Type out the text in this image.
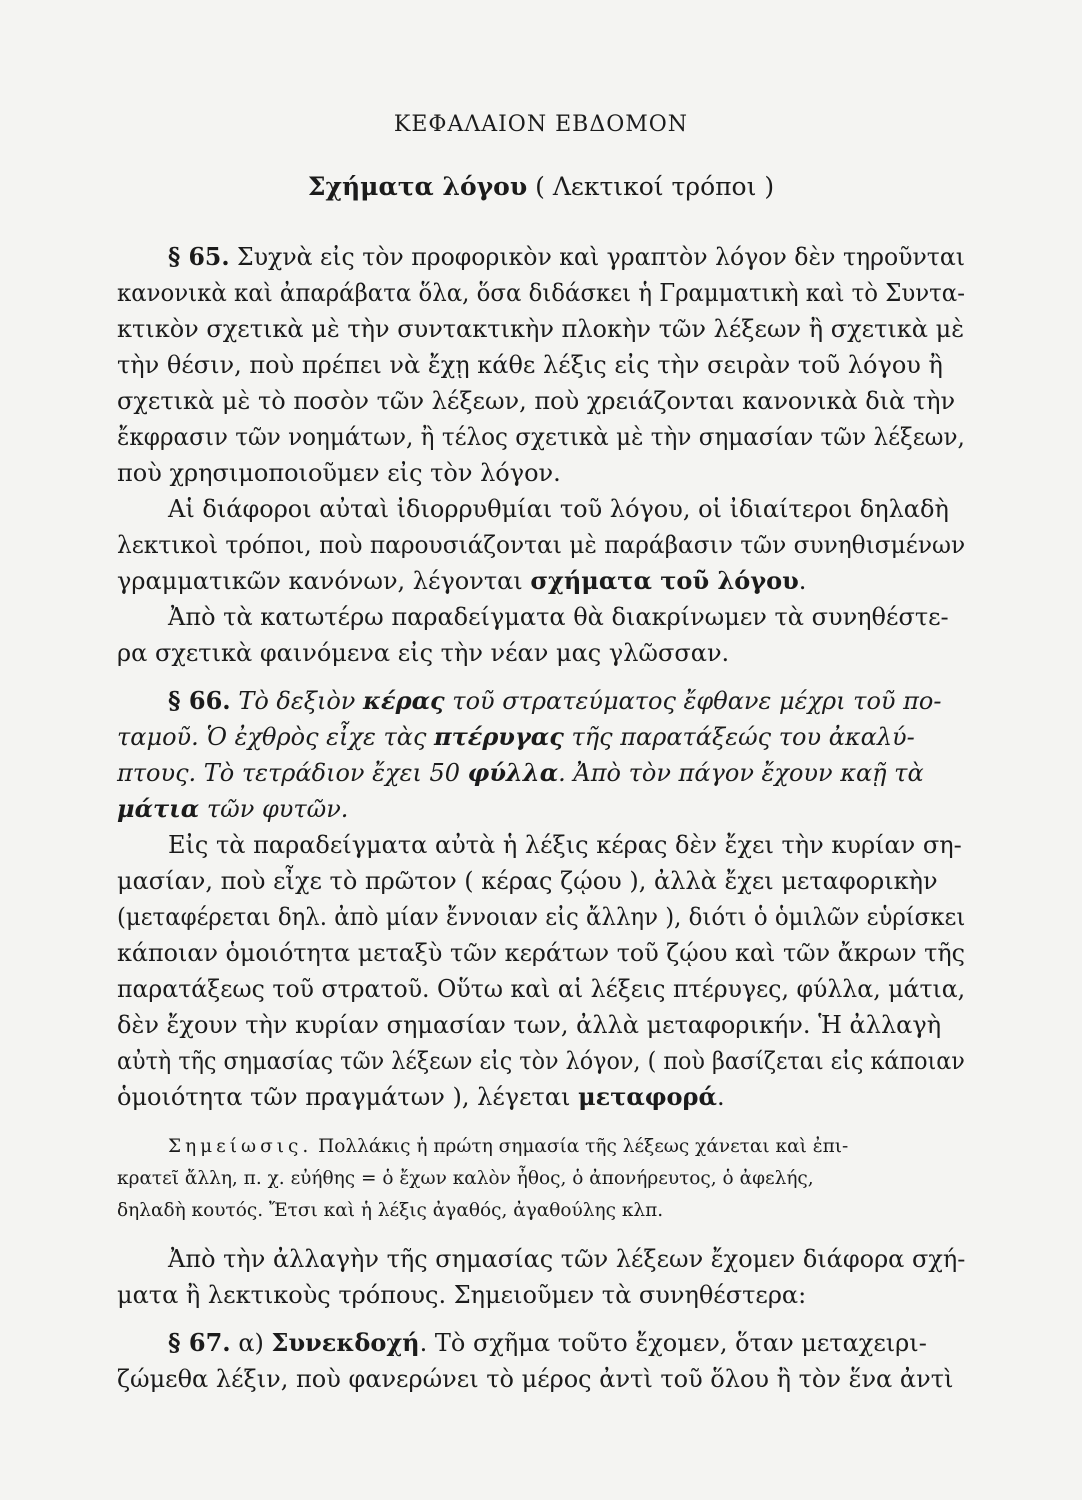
ΚΕΦΑΛΑΙΟΝ ΕΒΔΟΜΟΝ
Σχήματα λόγου ( Λεκτικοί τρόποι )
§ 65. Συχνὰ εἰς τὸν προφορικὸν καὶ γραπτὸν λόγον δὲν τηροῦνται
κανονικὰ καὶ ἀπαράβατα ὅλα, ὅσα διδάσκει ἡ Γραμματικὴ καὶ τὸ Συντα-
κτικὸν σχετικὰ μὲ τὴν συντακτικὴν πλοκὴν τῶν λέξεων ἢ σχετικὰ μὲ
τὴν θέσιν, ποὺ πρέπει νὰ ἔχῃ κάθε λέξις εἰς τὴν σειρὰν τοῦ λόγου ἢ
σχετικὰ μὲ τὸ ποσὸν τῶν λέξεων, ποὺ χρειάζονται κανονικὰ διὰ τὴν
ἔκφρασιν τῶν νοημάτων, ἢ τέλος σχετικὰ μὲ τὴν σημασίαν τῶν λέξεων,
ποὺ χρησιμοποιοῦμεν εἰς τὸν λόγον.
Αἱ διάφοροι αὐταὶ ἰδιορρυθμίαι τοῦ λόγου, οἱ ἰδιαίτεροι δηλαδὴ
λεκτικοὶ τρόποι, ποὺ παρουσιάζονται μὲ παράβασιν τῶν συνηθισμένων
γραμματικῶν κανόνων, λέγονται σχήματα τοῦ λόγου.
Ἀπὸ τὰ κατωτέρω παραδείγματα θὰ διακρίνωμεν τὰ συνηθέστε-
ρα σχετικὰ φαινόμενα εἰς τὴν νέαν μας γλῶσσαν.
§ 66. Τὸ δεξιὸν κέρας τοῦ στρατεύματος ἔφθανε μέχρι τοῦ πο-
ταμοῦ. Ὁ ἐχθρὸς εἶχε τὰς πτέρυγας τῆς παρατάξεώς του ἀκαλύ-
πτους. Τὸ τετράδιον ἔχει 50 φύλλα. Ἀπὸ τὸν πάγον ἔχουν καῇ τὰ
μάτια τῶν φυτῶν.
Εἰς τὰ παραδείγματα αὐτὰ ἡ λέξις κέρας δὲν ἔχει τὴν κυρίαν ση-
μασίαν, ποὺ εἶχε τὸ πρῶτον ( κέρας ζῴου ), ἀλλὰ ἔχει μεταφορικὴν
(μεταφέρεται δηλ. ἀπὸ μίαν ἔννοιαν εἰς ἄλλην ), διότι ὁ ὁμιλῶν εὑρίσκει
κάποιαν ὁμοιότητα μεταξὺ τῶν κεράτων τοῦ ζῴου καὶ τῶν ἄκρων τῆς
παρατάξεως τοῦ στρατοῦ. Οὕτω καὶ αἱ λέξεις πτέρυγες, φύλλα, μάτια,
δὲν ἔχουν τὴν κυρίαν σημασίαν των, ἀλλὰ μεταφορικήν. Ἡ ἀλλαγὴ
αὐτὴ τῆς σημασίας τῶν λέξεων εἰς τὸν λόγον, ( ποὺ βασίζεται εἰς κάποιαν
ὁμοιότητα τῶν πραγμάτων ), λέγεται μεταφορά.
Σημείωσις. Πολλάκις ἡ πρώτη σημασία τῆς λέξεως χάνεται καὶ ἐπι-
κρατεῖ ἄλλη, π. χ. εὐήθης = ὁ ἔχων καλὸν ἦθος, ὁ ἀπονήρευτος, ὁ ἀφελής,
δηλαδὴ κουτός. Ἔτσι καὶ ἡ λέξις ἀγαθός, ἀγαθούλης κλπ.
Ἀπὸ τὴν ἀλλαγὴν τῆς σημασίας τῶν λέξεων ἔχομεν διάφορα σχή-
ματα ἢ λεκτικοὺς τρόπους. Σημειοῦμεν τὰ συνηθέστερα:
§ 67. α) Συνεκδοχή. Τὸ σχῆμα τοῦτο ἔχομεν, ὅταν μεταχειρι-
ζώμεθα λέξιν, ποὺ φανερώνει τὸ μέρος ἀντὶ τοῦ ὅλου ἢ τὸν ἕνα ἀντὶ
